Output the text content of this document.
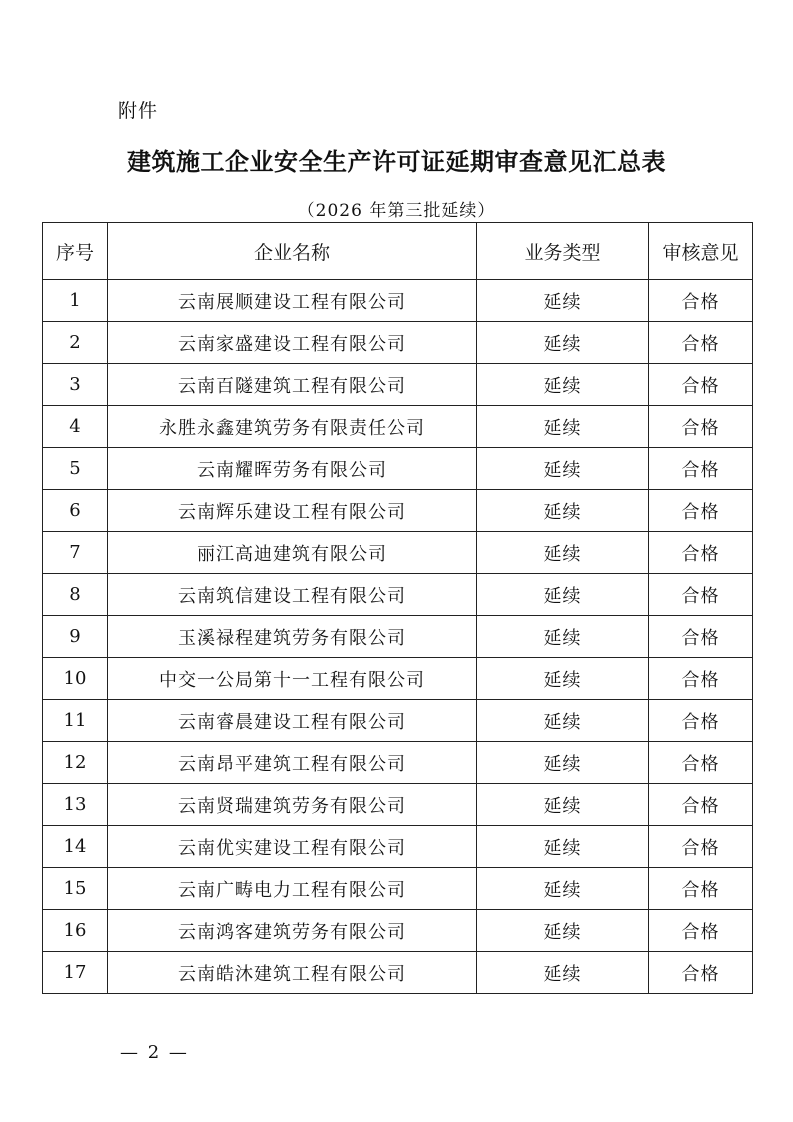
附件
建筑施工企业安全生产许可证延期审查意见汇总表
（2026 年第三批延续）
序号	企业名称	业务类型	审核意见
1	云南展顺建设工程有限公司	延续	合格
2	云南家盛建设工程有限公司	延续	合格
3	云南百隧建筑工程有限公司	延续	合格
4	永胜永鑫建筑劳务有限责任公司	延续	合格
5	云南耀晖劳务有限公司	延续	合格
6	云南辉乐建设工程有限公司	延续	合格
7	丽江高迪建筑有限公司	延续	合格
8	云南筑信建设工程有限公司	延续	合格
9	玉溪禄程建筑劳务有限公司	延续	合格
10	中交一公局第十一工程有限公司	延续	合格
11	云南睿晨建设工程有限公司	延续	合格
12	云南昂平建筑工程有限公司	延续	合格
13	云南贤瑞建筑劳务有限公司	延续	合格
14	云南优实建设工程有限公司	延续	合格
15	云南广畴电力工程有限公司	延续	合格
16	云南鸿客建筑劳务有限公司	延续	合格
17	云南皓沐建筑工程有限公司	延续	合格
— 2 —
